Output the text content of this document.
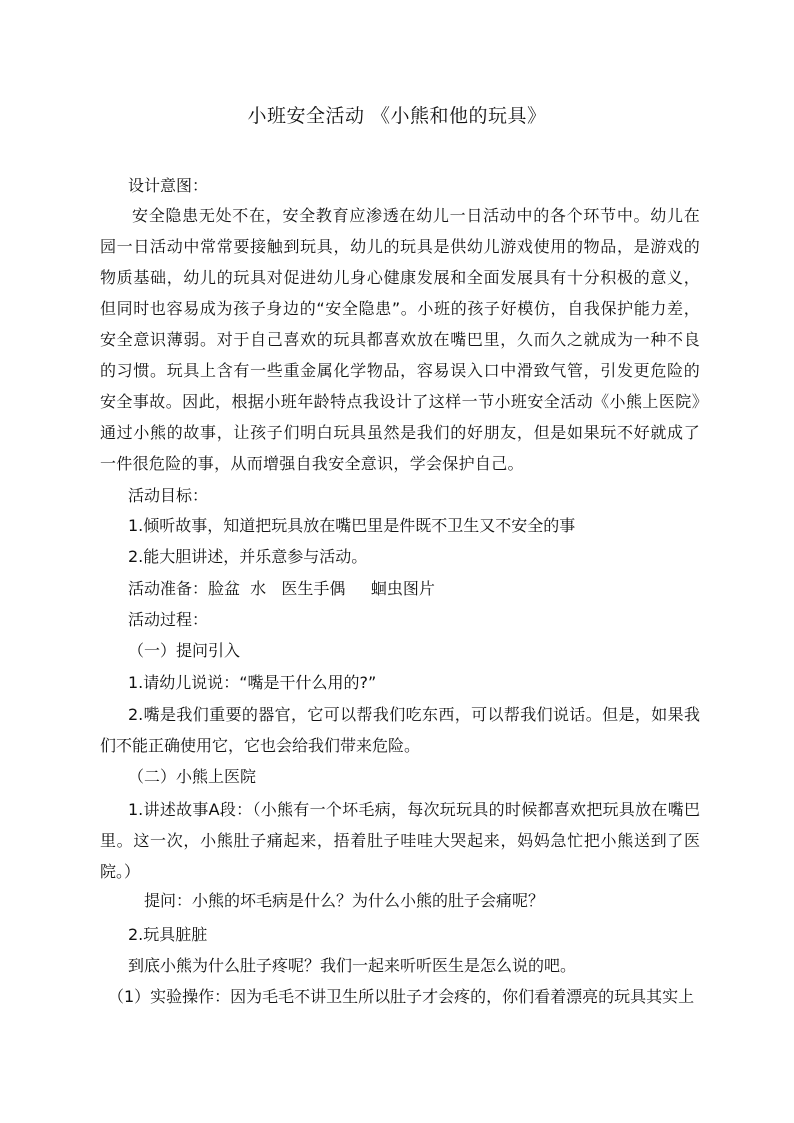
小班安全活动 《小熊和他的玩具》
设计意图：
安全隐患无处不在，安全教育应渗透在幼儿一日活动中的各个环节中。幼儿在园一日活动中常常要接触到玩具，幼儿的玩具是供幼儿游戏使用的物品，是游戏的物质基础，幼儿的玩具对促进幼儿身心健康发展和全面发展具有十分积极的意义，但同时也容易成为孩子身边的“安全隐患”。小班的孩子好模仿，自我保护能力差，安全意识薄弱。对于自己喜欢的玩具都喜欢放在嘴巴里，久而久之就成为一种不良的习惯。玩具上含有一些重金属化学物品，容易误入口中滑致气管，引发更危险的安全事故。因此，根据小班年龄特点我设计了这样一节小班安全活动《小熊上医院》通过小熊的故事，让孩子们明白玩具虽然是我们的好朋友，但是如果玩不好就成了一件很危险的事，从而增强自我安全意识，学会保护自己。
活动目标：
1.倾听故事，知道把玩具放在嘴巴里是件既不卫生又不安全的事
2.能大胆讲述，并乐意参与活动。
活动准备：脸盆  水   医生手偶     蛔虫图片
活动过程：
（一）提问引入
1.请幼儿说说：“嘴是干什么用的?”
2.嘴是我们重要的器官，它可以帮我们吃东西，可以帮我们说话。但是，如果我们不能正确使用它，它也会给我们带来危险。
（二）小熊上医院
1.讲述故事A段：（小熊有一个坏毛病，每次玩玩具的时候都喜欢把玩具放在嘴巴里。这一次，小熊肚子痛起来，捂着肚子哇哇大哭起来，妈妈急忙把小熊送到了医院。）
提问：小熊的坏毛病是什么？为什么小熊的肚子会痛呢？
2.玩具脏脏
到底小熊为什么肚子疼呢？我们一起来听听医生是怎么说的吧。
（1）实验操作：因为毛毛不讲卫生所以肚子才会疼的，你们看着漂亮的玩具其实上
